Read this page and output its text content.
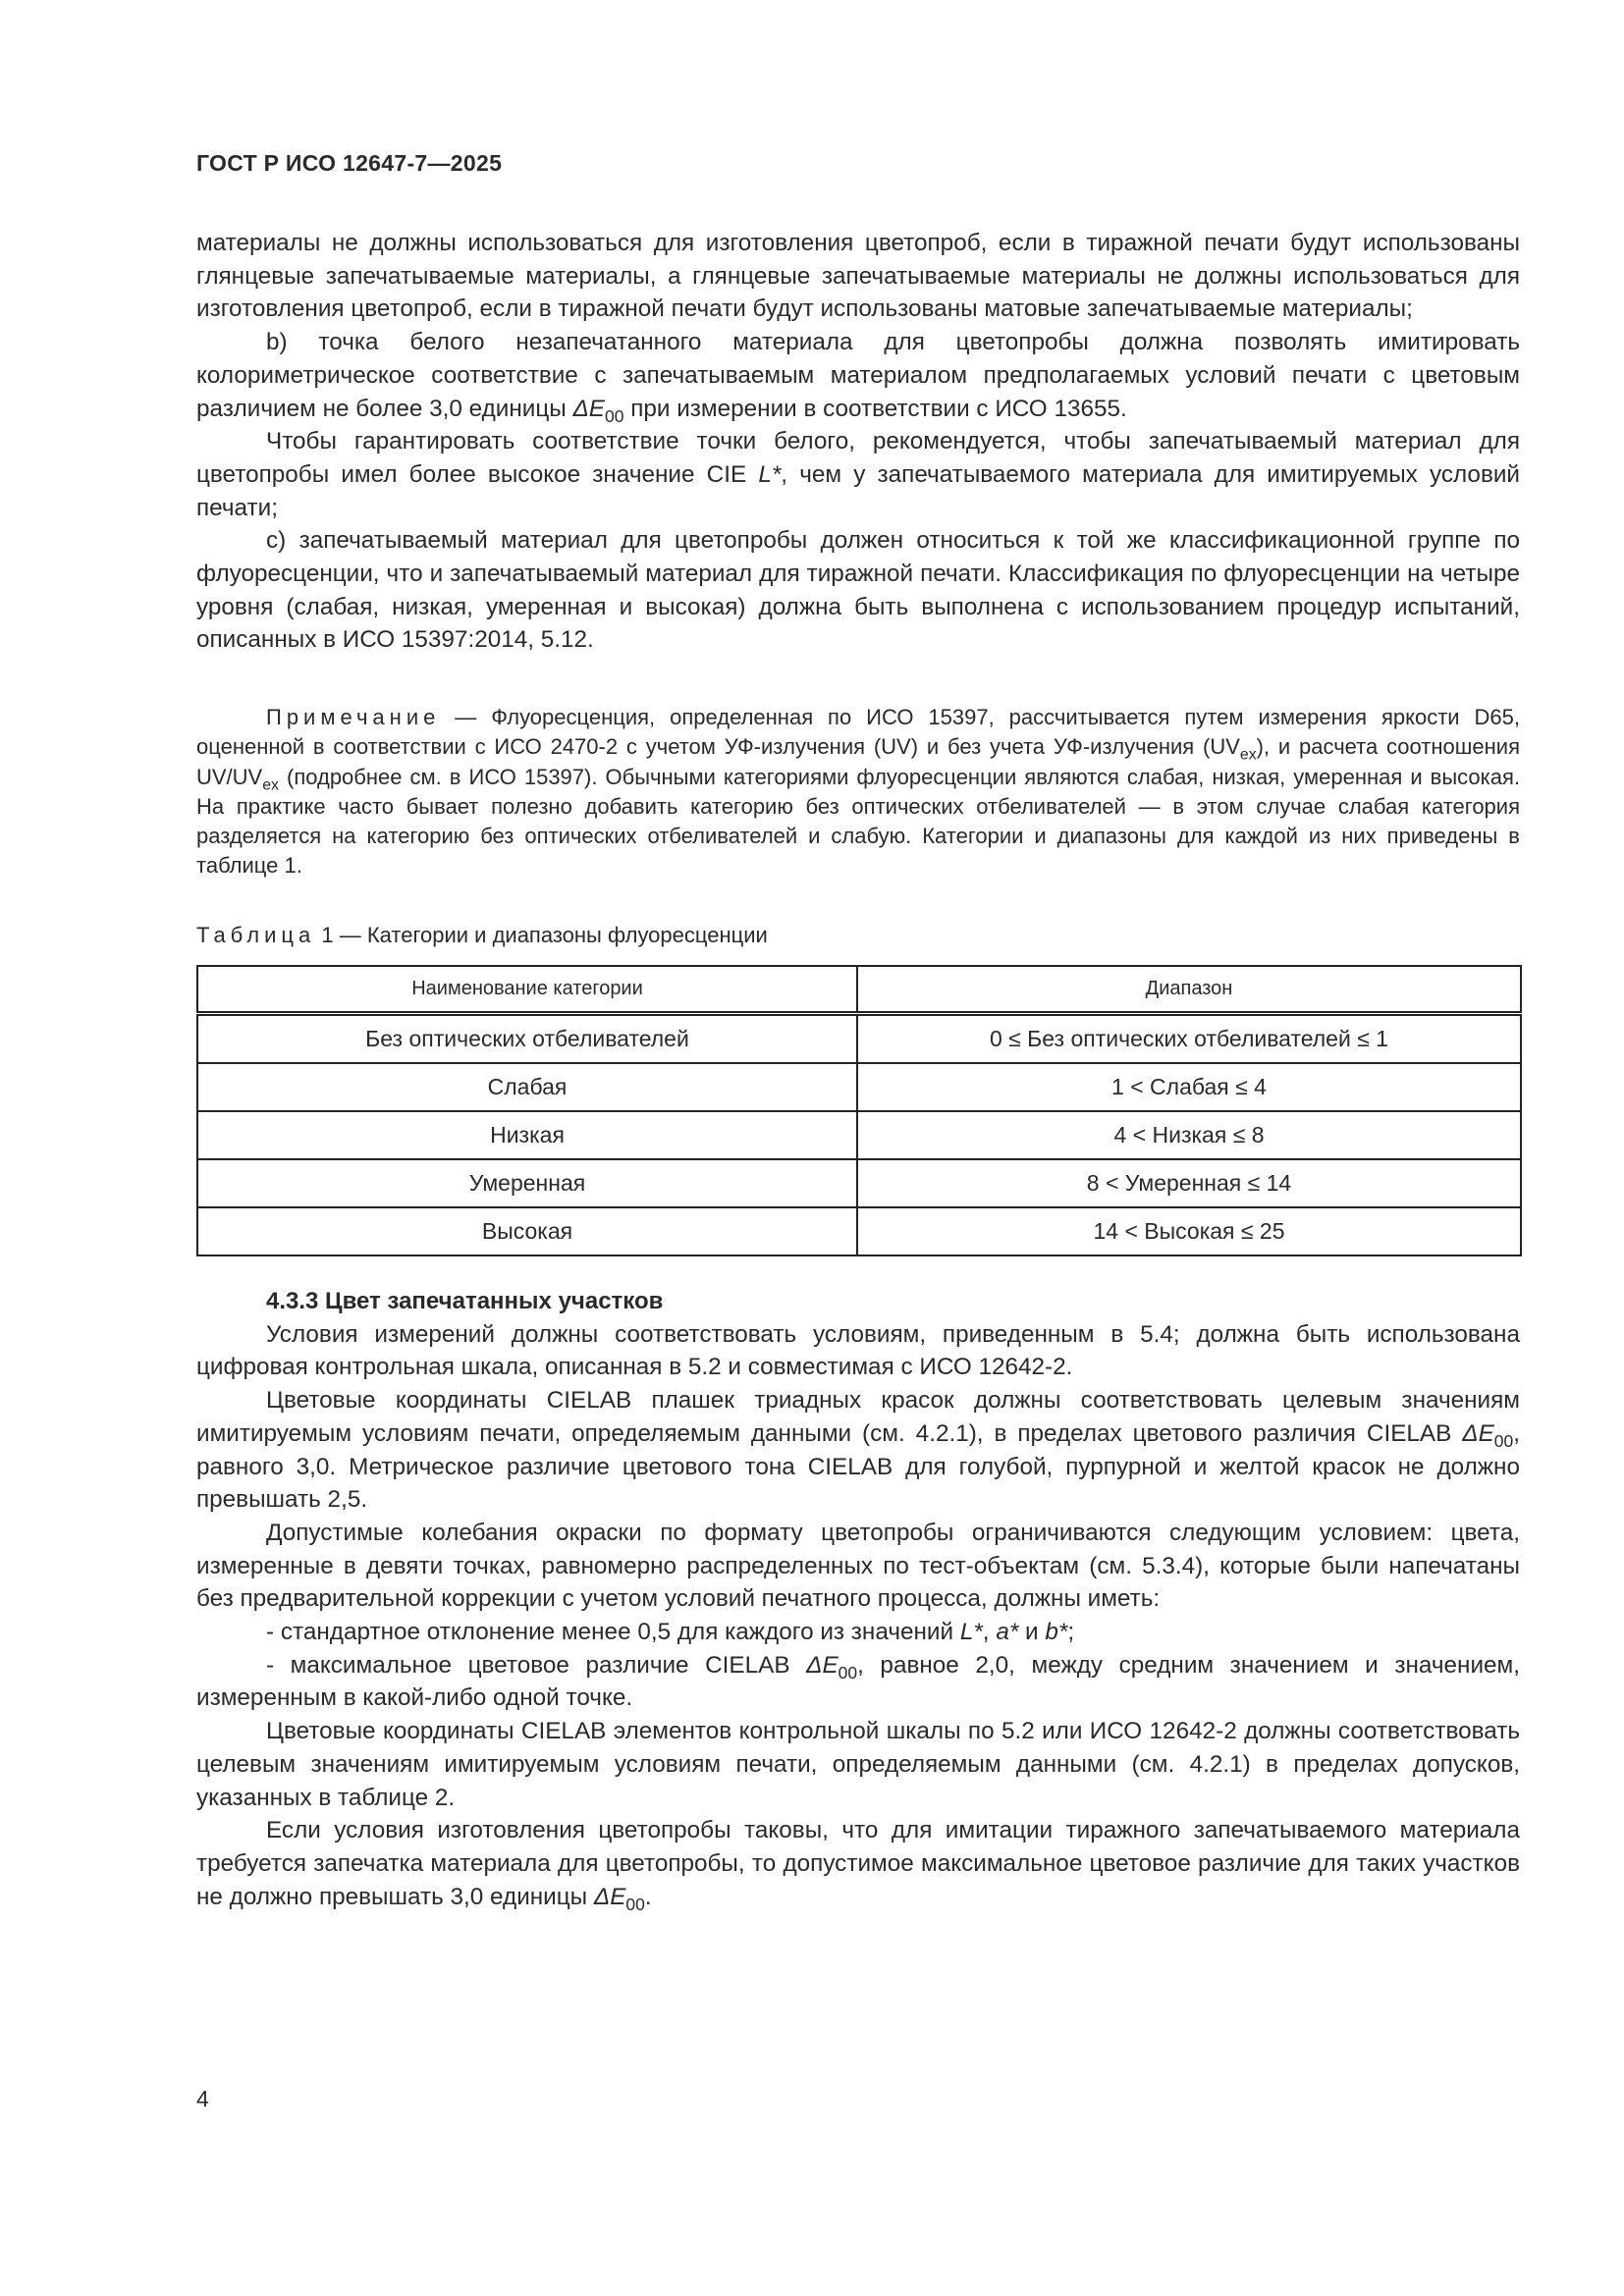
ГОСТ Р ИСО 12647-7—2025

материалы не должны использоваться для изготовления цветопроб, если в тиражной печати будут использованы глянцевые запечатываемые материалы, а глянцевые запечатываемые материалы не должны использоваться для изготовления цветопроб, если в тиражной печати будут использованы матовые запечатываемые материалы;

b) точка белого незапечатанного материала для цветопробы должна позволять имитировать колориметрическое соответствие с запечатываемым материалом предполагаемых условий печати с цветовым различием не более 3,0 единицы $\Delta E_{00}$ при измерении в соответствии с ИСО 13655.

Чтобы гарантировать соответствие точки белого, рекомендуется, чтобы запечатываемый материал для цветопробы имел более высокое значение CIE L*, чем у запечатываемого материала для имитируемых условий печати;

c) запечатываемый материал для цветопробы должен относиться к той же классификационной группе по флуоресценции, что и запечатываемый материал для тиражной печати. Классификация по флуоресценции на четыре уровня (слабая, низкая, умеренная и высокая) должна быть выполнена с использованием процедур испытаний, описанных в ИСО 15397:2014, 5.12.

Примечание — Флуоресценция, определенная по ИСО 15397, рассчитывается путем измерения яркости D65, оцененной в соответствии с ИСО 2470-2 с учетом УФ-излучения (UV) и без учета УФ-излучения $(UV_{ex})$, и расчета соотношения $UV/UV_{ex}$ (подробнее см. в ИСО 15397). Обычными категориями флуоресценции являются слабая, низкая, умеренная и высокая. На практике часто бывает полезно добавить категорию без оптических отбеливателей — в этом случае слабая категория разделяется на категорию без оптических отбеливателей и слабую. Категории и диапазоны для каждой из них приведены в таблице 1.

Таблица 1 — Категории и диапазоны флуоресценции
Наименование категории	Диапазон
Без оптических отбеливателей	0 ≤ Без оптических отбеливателей ≤ 1
Слабая	1 < Слабая ≤ 4
Низкая	4 < Низкая ≤ 8
Умеренная	8 < Умеренная ≤ 14
Высокая	14 < Высокая ≤ 25
4.3.3 Цвет запечатанных участков

Условия измерений должны соответствовать условиям, приведенным в 5.4; должна быть использована цифровая контрольная шкала, описанная в 5.2 и совместимая с ИСО 12642-2.

Цветовые координаты CIELAB плашек триадных красок должны соответствовать целевым значениям имитируемым условиям печати, определяемым данными (см. 4.2.1), в пределах цветового различия CIELAB $\Delta E_{00}$, равного 3,0. Метрическое различие цветового тона CIELAB для голубой, пурпурной и желтой красок не должно превышать 2,5.

Допустимые колебания окраски по формату цветопробы ограничиваются следующим условием: цвета, измеренные в девяти точках, равномерно распределенных по тест-объектам (см. 5.3.4), которые были напечатаны без предварительной коррекции с учетом условий печатного процесса, должны иметь:

- стандартное отклонение менее 0,5 для каждого из значений L*, a* и b*;

- максимальное цветовое различие CIELAB $\Delta E_{00}$, равное 2,0, между средним значением и значением, измеренным в какой-либо одной точке.

Цветовые координаты CIELAB элементов контрольной шкалы по 5.2 или ИСО 12642-2 должны соответствовать целевым значениям имитируемым условиям печати, определяемым данными (см. 4.2.1) в пределах допусков, указанных в таблице 2.

Если условия изготовления цветопробы таковы, что для имитации тиражного запечатываемого материала требуется запечатка материала для цветопробы, то допустимое максимальное цветовое различие для таких участков не должно превышать 3,0 единицы $\Delta E_{00}$.

4
